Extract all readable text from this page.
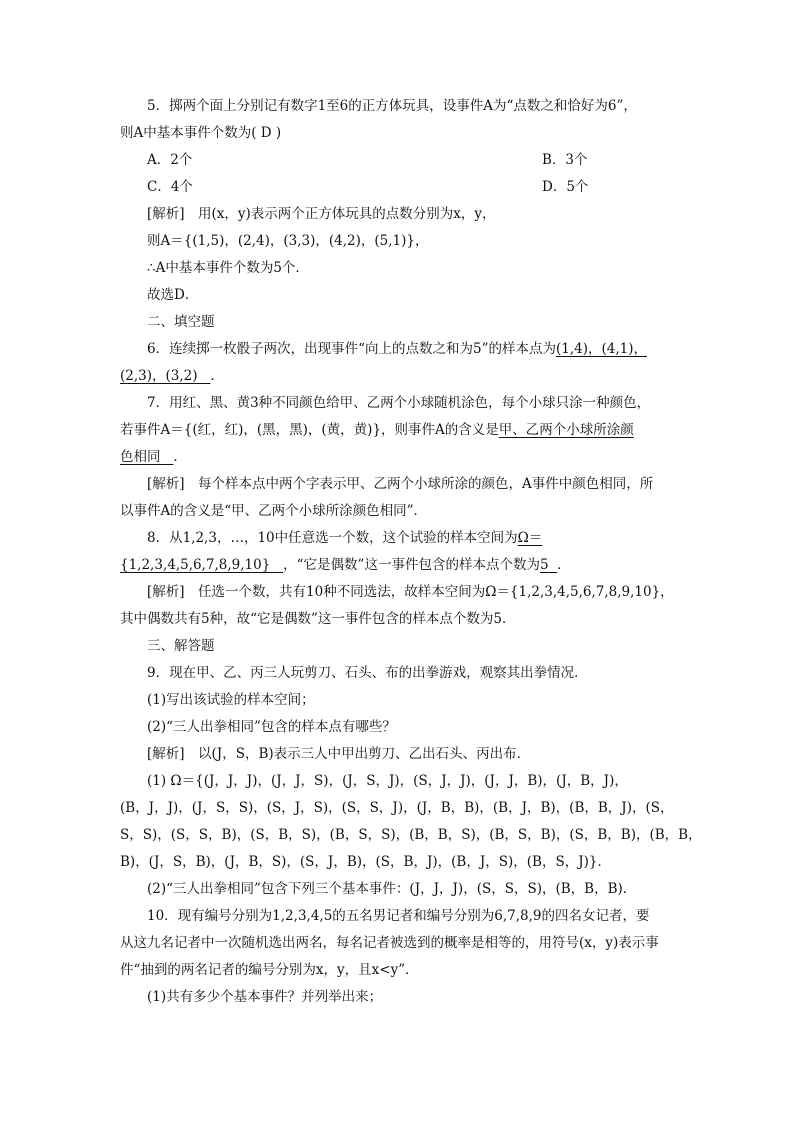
5．掷两个面上分别记有数字1至6的正方体玩具，设事件A为“点数之和恰好为6”，
则A中基本事件个数为( D )
A．2个	B．3个
C．4个	D．5个
[解析]　用(x，y)表示两个正方体玩具的点数分别为x，y，
则A＝{(1,5)，(2,4)，(3,3)，(4,2)，(5,1)}，
∴A中基本事件个数为5个．
故选D．
二、填空题
6．连续掷一枚骰子两次，出现事件“向上的点数之和为5”的样本点为(1,4)，(4,1)，
(2,3)，(3,2) ．
7．用红、黑、黄3种不同颜色给甲、乙两个小球随机涂色，每个小球只涂一种颜色，
若事件A＝{(红，红)，(黑，黑)，(黄，黄)}，则事件A的含义是甲、乙两个小球所涂颜
色相同 ．
[解析]　每个样本点中两个字表示甲、乙两个小球所涂的颜色，A事件中颜色相同，所
以事件A的含义是“甲、乙两个小球所涂颜色相同”．
8．从1,2,3，…，10中任意选一个数，这个试验的样本空间为Ω＝
{1,2,3,4,5,6,7,8,9,10} ，“它是偶数”这一事件包含的样本点个数为5 ．
[解析]　任选一个数，共有10种不同选法，故样本空间为Ω＝{1,2,3,4,5,6,7,8,9,10}，
其中偶数共有5种，故“它是偶数”这一事件包含的样本点个数为5．
三、解答题
9．现在甲、乙、丙三人玩剪刀、石头、布的出拳游戏，观察其出拳情况．
(1)写出该试验的样本空间；
(2)“三人出拳相同”包含的样本点有哪些？
[解析]　以(J，S，B)表示三人中甲出剪刀、乙出石头、丙出布．
(1) Ω＝{(J，J，J)，(J，J，S)，(J，S，J)，(S，J，J)，(J，J，B)，(J，B，J)，
(B，J，J)，(J，S，S)，(S，J，S)，(S，S，J)，(J，B，B)，(B，J，B)，(B，B，J)，(S，
S，S)，(S，S，B)，(S，B，S)，(B，S，S)，(B，B，S)，(B，S，B)，(S，B，B)，(B，B，
B)，(J，S，B)，(J，B，S)，(S，J，B)，(S，B，J)，(B，J，S)，(B，S，J)}．
(2)“三人出拳相同”包含下列三个基本事件：(J，J，J)，(S，S，S)，(B，B，B)．
10．现有编号分别为1,2,3,4,5的五名男记者和编号分别为6,7,8,9的四名女记者，要
从这九名记者中一次随机选出两名，每名记者被选到的概率是相等的，用符号(x，y)表示事
件“抽到的两名记者的编号分别为x，y，且x<y”．
(1)共有多少个基本事件？并列举出来；
